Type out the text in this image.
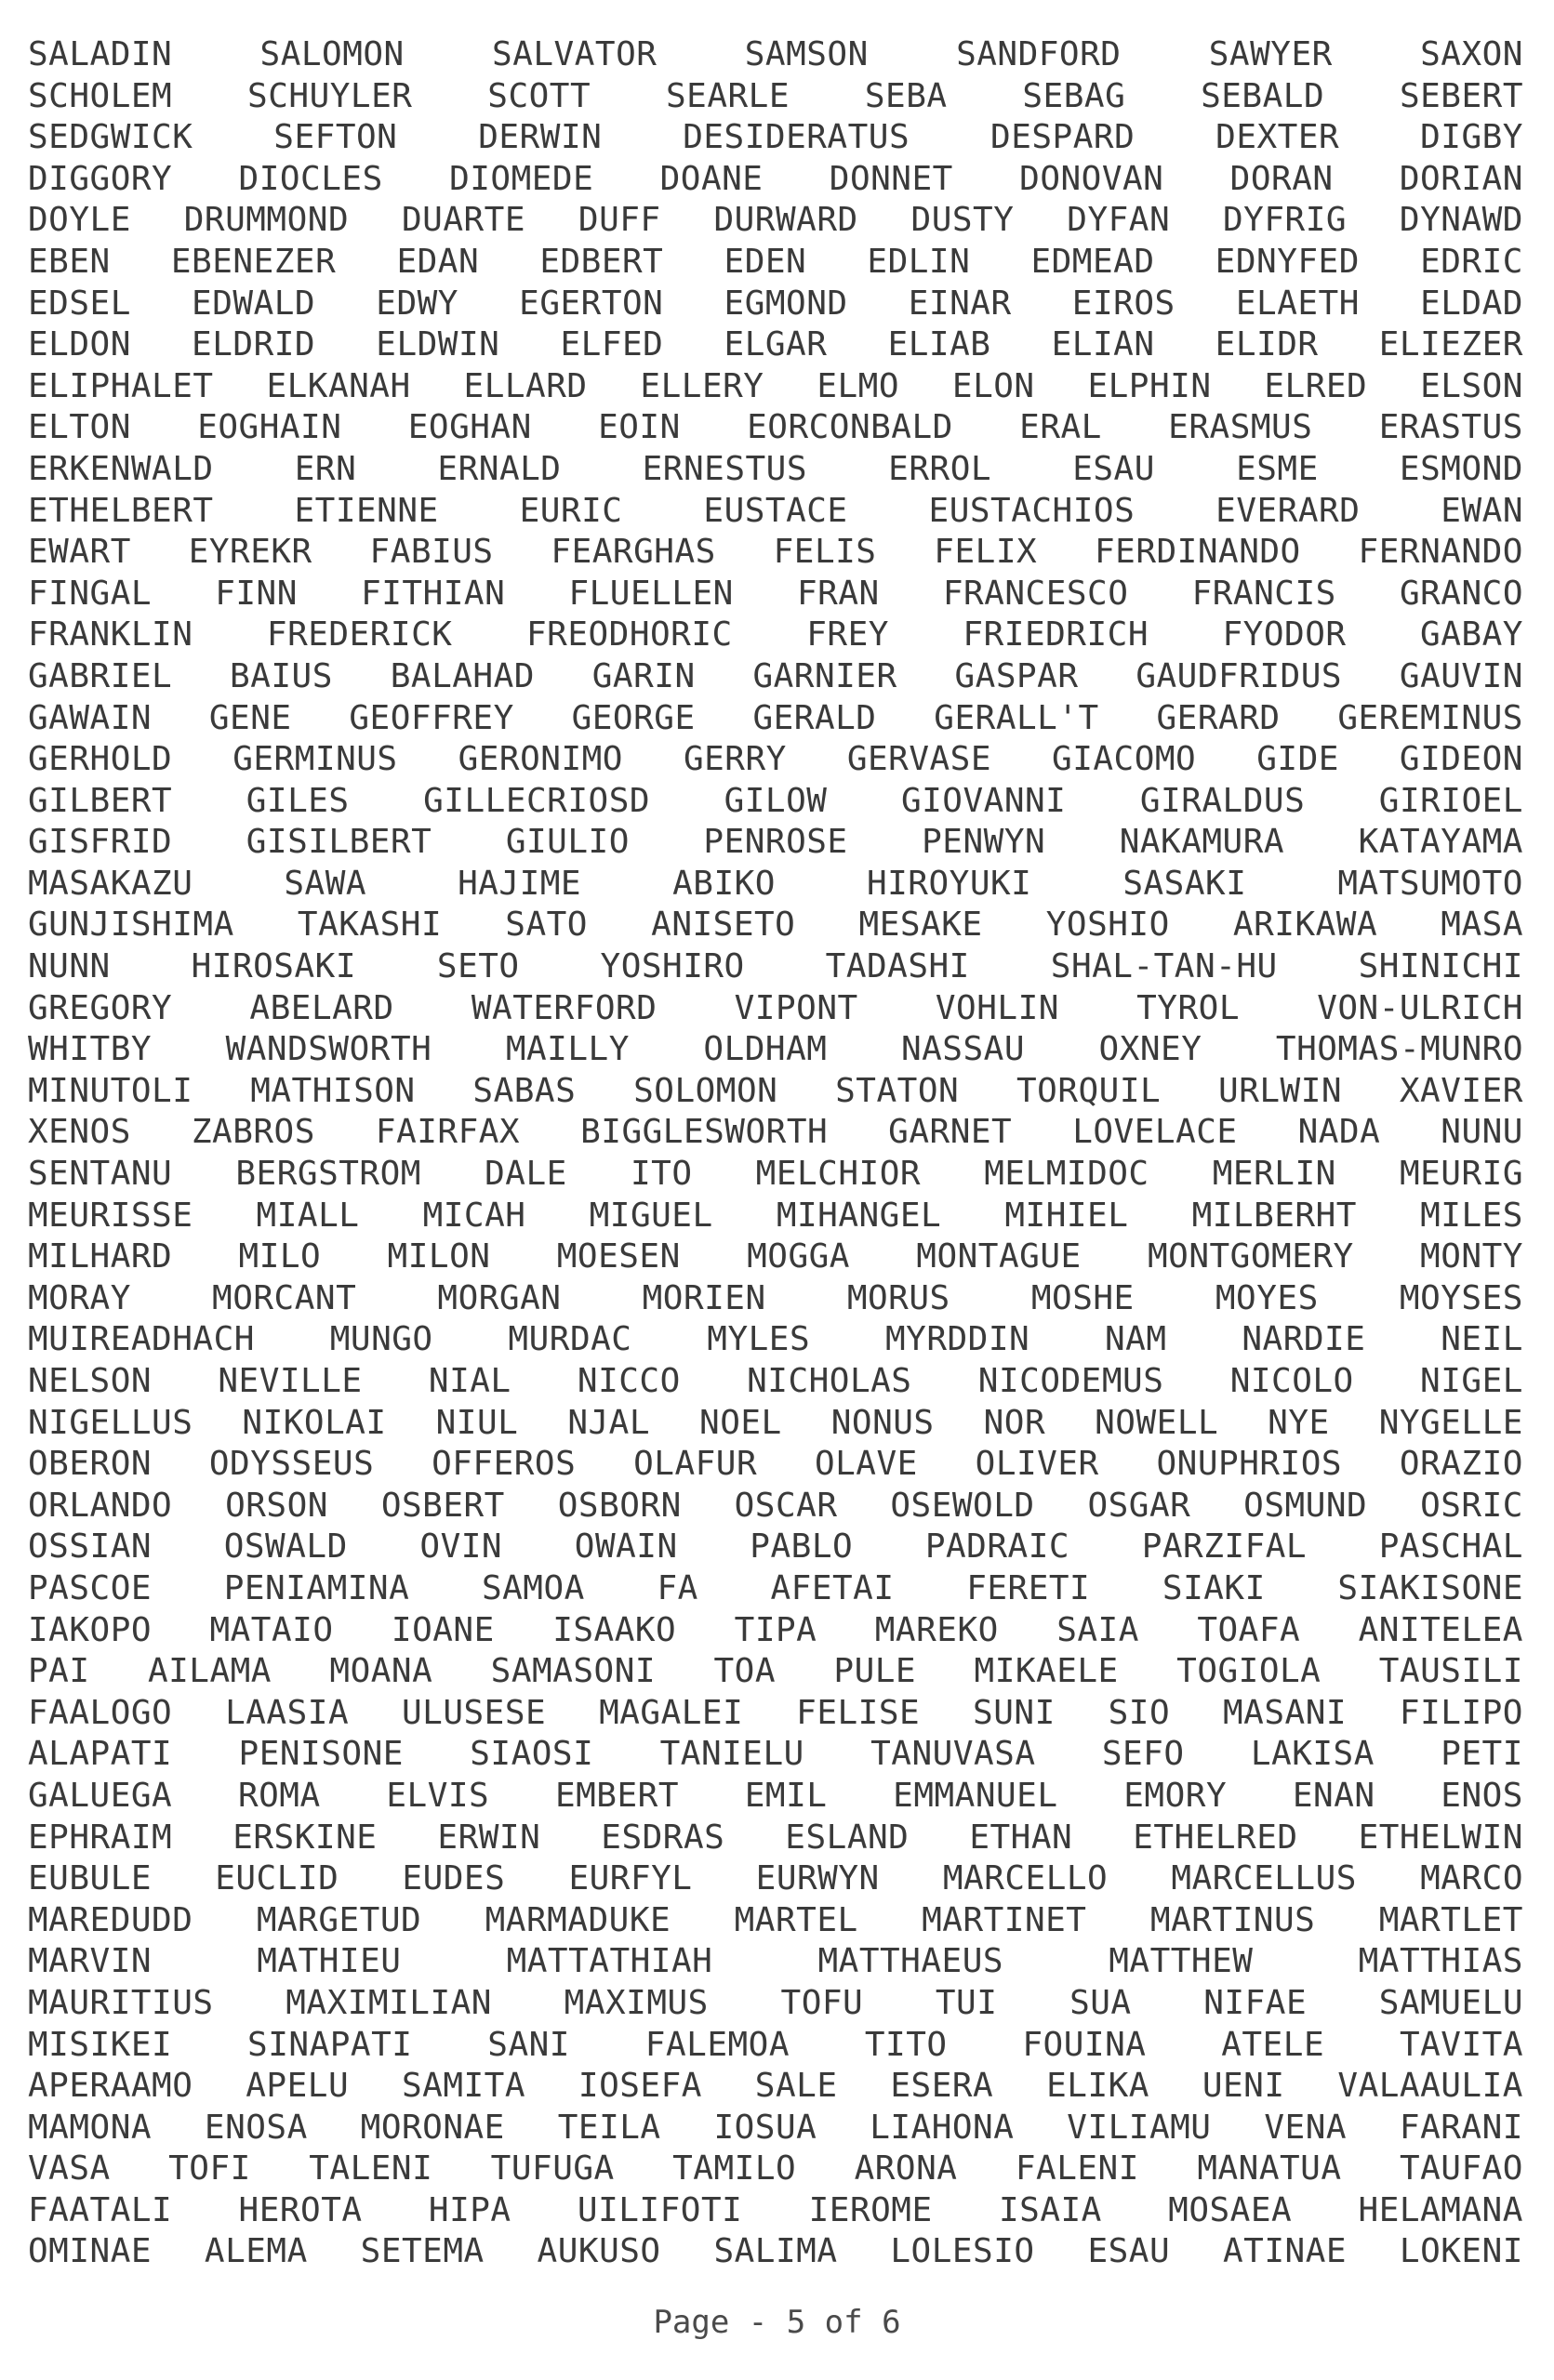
SALADIN	SALOMON	SALVATOR	SAMSON	SANDFORD	SAWYER	SAXON
SCHOLEM SCHUYLER SCOTT SEARLE SEBA SEBAG SEBALD SEBERT
SEDGWICK SEFTON DERWIN DESIDERATUS DESPARD DEXTER DIGBY
DIGGORY DIOCLES DIOMEDE DOANE DONNET DONOVAN DORAN DORIAN
DOYLE DRUMMOND DUARTE DUFF DURWARD DUSTY DYFAN DYFRIG DYNAWD
EBEN EBENEZER EDAN EDBERT EDEN EDLIN EDMEAD EDNYFED EDRIC
EDSEL EDWALD EDWY EGERTON EGMOND EINAR EIROS ELAETH ELDAD
ELDON ELDRID ELDWIN ELFED ELGAR ELIAB ELIAN ELIDR ELIEZER
ELIPHALET ELKANAH ELLARD ELLERY ELMO ELON ELPHIN ELRED ELSON
ELTON EOGHAIN EOGHAN EOIN EORCONBALD ERAL ERASMUS ERASTUS
ERKENWALD ERN ERNALD ERNESTUS ERROL ESAU ESME ESMOND
ETHELBERT ETIENNE EURIC EUSTACE EUSTACHIOS EVERARD EWAN
EWART EYREKR FABIUS FEARGHAS FELIS FELIX FERDINANDO FERNANDO
FINGAL FINN FITHIAN FLUELLEN FRAN FRANCESCO FRANCIS GRANCO
FRANKLIN FREDERICK FREODHORIC FREY FRIEDRICH FYODOR GABAY
GABRIEL BAIUS BALAHAD GARIN GARNIER GASPAR GAUDFRIDUS GAUVIN
GAWAIN GENE GEOFFREY GEORGE GERALD GERALL'T GERARD GEREMINUS
GERHOLD GERMINUS GERONIMO GERRY GERVASE GIACOMO GIDE GIDEON
GILBERT GILES GILLECRIOSD GILOW GIOVANNI GIRALDUS GIRIOEL
GISFRID GISILBERT GIULIO PENROSE PENWYN NAKAMURA KATAYAMA
MASAKAZU	SAWA	HAJIME	ABIKO	HIROYUKI	SASAKI	MATSUMOTO
GUNJISHIMA TAKASHI SATO ANISETO MESAKE YOSHIO ARIKAWA MASA
NUNN HIROSAKI SETO YOSHIRO TADASHI SHAL-TAN-HU SHINICHI
GREGORY ABELARD WATERFORD VIPONT VOHLIN TYROL VON-ULRICH
WHITBY WANDSWORTH MAILLY OLDHAM NASSAU OXNEY THOMAS-MUNRO
MINUTOLI MATHISON SABAS SOLOMON STATON TORQUIL URLWIN XAVIER
XENOS ZABROS FAIRFAX BIGGLESWORTH GARNET LOVELACE NADA NUNU
SENTANU BERGSTROM DALE ITO MELCHIOR MELMIDOC MERLIN MEURIG
MEURISSE MIALL MICAH MIGUEL MIHANGEL MIHIEL MILBERHT MILES
MILHARD MILO MILON MOESEN MOGGA MONTAGUE MONTGOMERY MONTY
MORAY MORCANT MORGAN MORIEN MORUS MOSHE MOYES MOYSES
MUIREADHACH MUNGO MURDAC MYLES MYRDDIN NAM NARDIE NEIL
NELSON NEVILLE NIAL NICCO NICHOLAS NICODEMUS NICOLO NIGEL
NIGELLUS NIKOLAI NIUL NJAL NOEL NONUS NOR NOWELL NYE NYGELLE
OBERON ODYSSEUS OFFEROS OLAFUR OLAVE OLIVER ONUPHRIOS ORAZIO
ORLANDO ORSON OSBERT OSBORN OSCAR OSEWOLD OSGAR OSMUND OSRIC
OSSIAN OSWALD OVIN OWAIN PABLO PADRAIC PARZIFAL PASCHAL
PASCOE PENIAMINA SAMOA FA AFETAI FERETI SIAKI SIAKISONE
IAKOPO MATAIO IOANE ISAAKO TIPA MAREKO SAIA TOAFA ANITELEA
PAI AILAMA MOANA SAMASONI TOA PULE MIKAELE TOGIOLA TAUSILI
FAALOGO LAASIA ULUSESE MAGALEI FELISE SUNI SIO MASANI FILIPO
ALAPATI PENISONE SIAOSI TANIELU TANUVASA SEFO LAKISA PETI
GALUEGA ROMA ELVIS EMBERT EMIL EMMANUEL EMORY ENAN ENOS
EPHRAIM ERSKINE ERWIN ESDRAS ESLAND ETHAN ETHELRED ETHELWIN
EUBULE EUCLID EUDES EURFYL EURWYN MARCELLO MARCELLUS MARCO
MAREDUDD MARGETUD MARMADUKE MARTEL MARTINET MARTINUS MARTLET
MARVIN	MATHIEU	MATTATHIAH	MATTHAEUS	MATTHEW	MATTHIAS
MAURITIUS MAXIMILIAN MAXIMUS TOFU TUI SUA NIFAE SAMUELU
MISIKEI SINAPATI SANI FALEMOA TITO FOUINA ATELE TAVITA
APERAAMO APELU SAMITA IOSEFA SALE ESERA ELIKA UENI VALAAULIA
MAMONA ENOSA MORONAE TEILA IOSUA LIAHONA VILIAMU VENA FARANI
VASA TOFI TALENI TUFUGA TAMILO ARONA FALENI MANATUA TAUFAO
FAATALI HEROTA HIPA UILIFOTI IEROME ISAIA MOSAEA HELAMANA
OMINAE ALEMA SETEMA AUKUSO SALIMA LOLESIO ESAU ATINAE LOKENI
Page - 5 of 6
